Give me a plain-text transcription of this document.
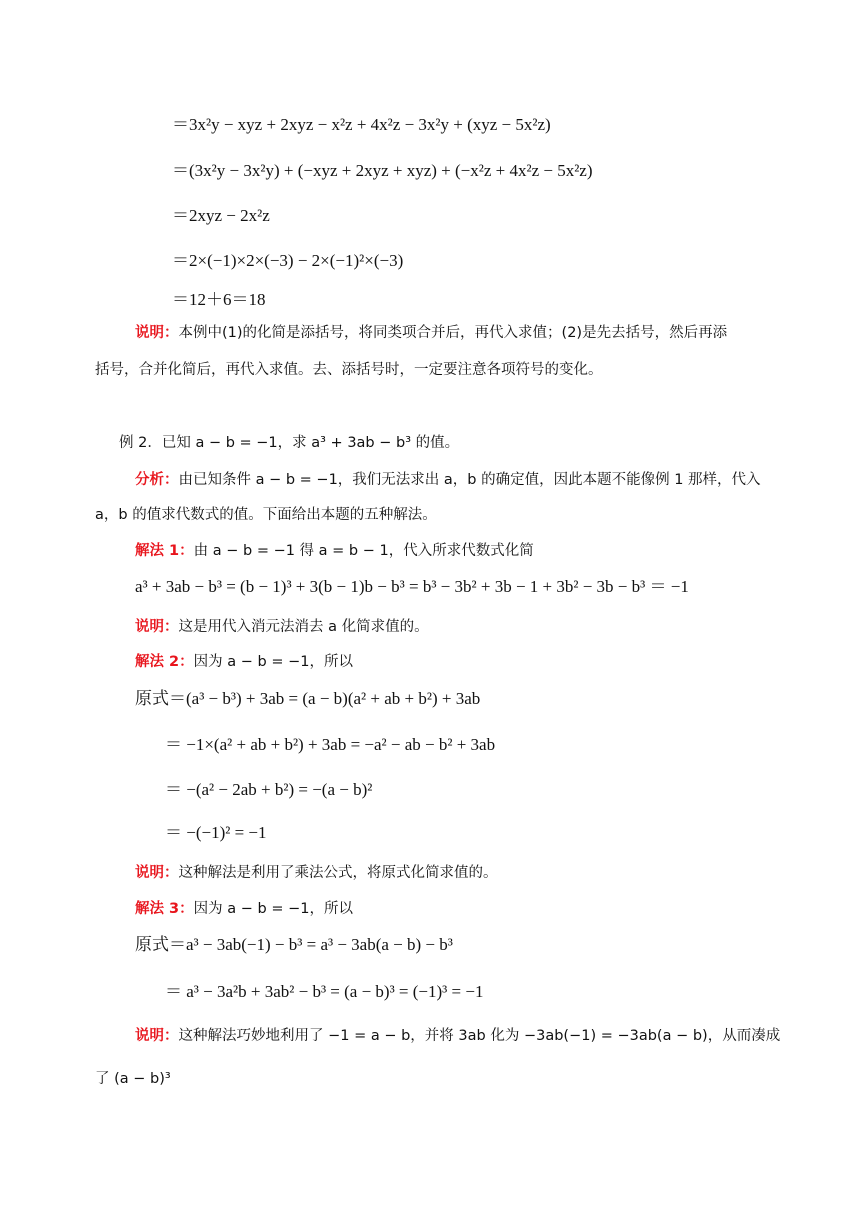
＝3x²y − xyz + 2xyz − x²z + 4x²z − 3x²y + (xyz − 5x²z)
＝(3x²y − 3x²y) + (−xyz + 2xyz + xyz) + (−x²z + 4x²z − 5x²z)
＝2xyz − 2x²z
＝2×(−1)×2×(−3) − 2×(−1)²×(−3)
＝12＋6＝18
说明：本例中(1)的化简是添括号，将同类项合并后，再代入求值；(2)是先去括号，然后再添
括号，合并化简后，再代入求值。去、添括号时，一定要注意各项符号的变化。
例 2．已知 a − b = −1，求 a³ + 3ab − b³ 的值。
分析：由已知条件 a − b = −1，我们无法求出 a，b 的确定值，因此本题不能像例 1 那样，代入
a，b 的值求代数式的值。下面给出本题的五种解法。
解法 1：由 a − b = −1 得 a = b − 1，代入所求代数式化简
a³ + 3ab − b³ = (b − 1)³ + 3(b − 1)b − b³ = b³ − 3b² + 3b − 1 + 3b² − 3b − b³ ＝ −1
说明：这是用代入消元法消去 a 化简求值的。
解法 2：因为 a − b = −1，所以
原式＝(a³ − b³) + 3ab = (a − b)(a² + ab + b²) + 3ab
＝ −1×(a² + ab + b²) + 3ab = −a² − ab − b² + 3ab
＝ −(a² − 2ab + b²) = −(a − b)²
＝ −(−1)² = −1
说明：这种解法是利用了乘法公式，将原式化简求值的。
解法 3：因为 a − b = −1，所以
原式＝a³ − 3ab(−1) − b³ = a³ − 3ab(a − b) − b³
＝ a³ − 3a²b + 3ab² − b³ = (a − b)³ = (−1)³ = −1
说明：这种解法巧妙地利用了 −1 = a − b，并将 3ab 化为 −3ab(−1) = −3ab(a − b)，从而凑成
了 (a − b)³
